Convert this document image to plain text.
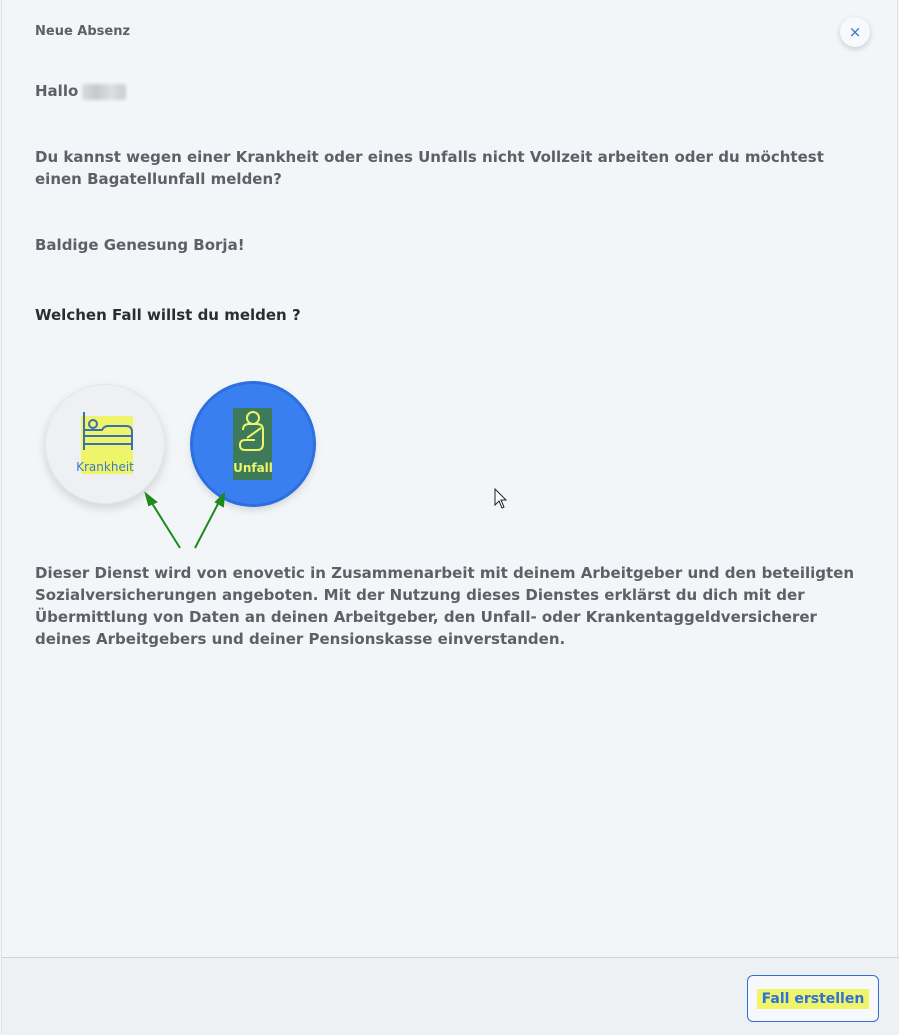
Neue Absenz	×
Hallo
Du kannst wegen einer Krankheit oder eines Unfalls nicht Vollzeit arbeiten oder du möchtest einen Bagatellunfall melden?
Baldige Genesung Borja!
Welchen Fall willst du melden ?
Krankheit	Unfall
Dieser Dienst wird von enovetic in Zusammenarbeit mit deinem Arbeitgeber und den beteiligten Sozialversicherungen angeboten. Mit der Nutzung dieses Dienstes erklärst du dich mit der Übermittlung von Daten an deinen Arbeitgeber, den Unfall- oder Krankentaggeldversicherer deines Arbeitgebers und deiner Pensionskasse einverstanden.
Fall erstellen
